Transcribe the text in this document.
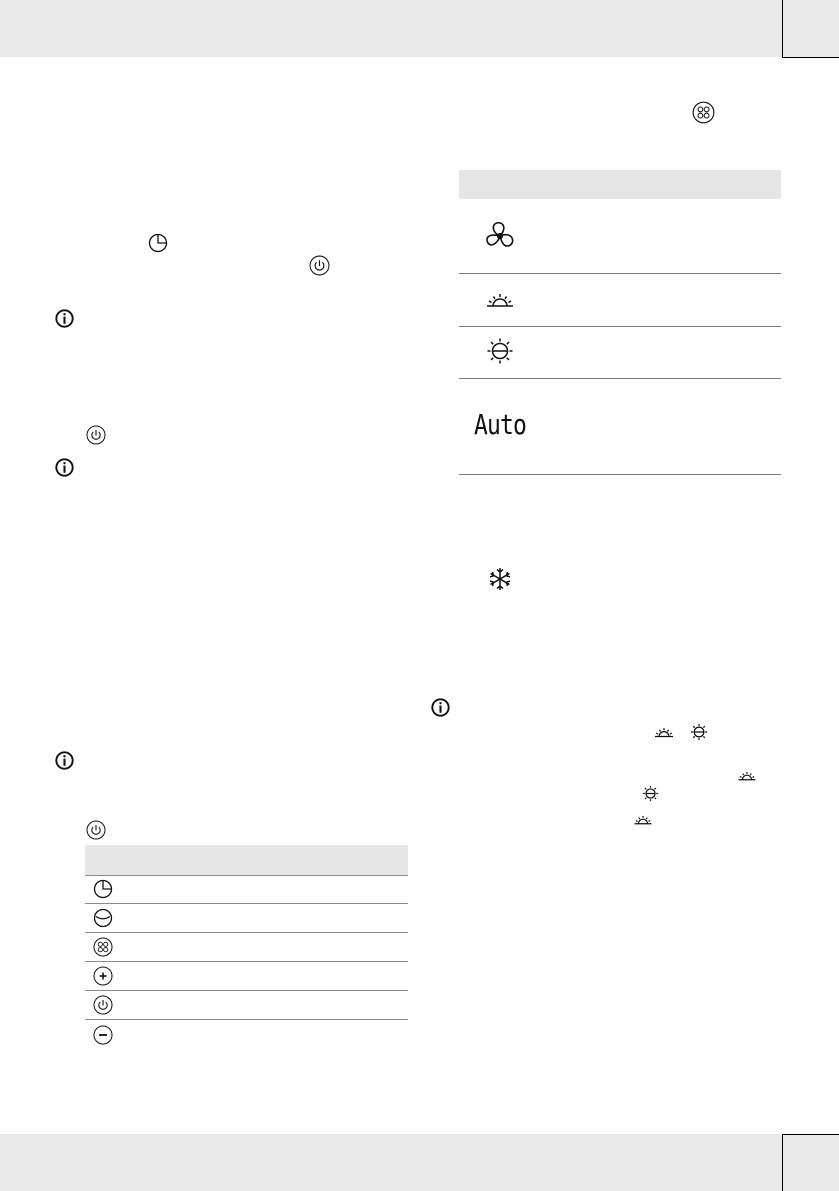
Auto
